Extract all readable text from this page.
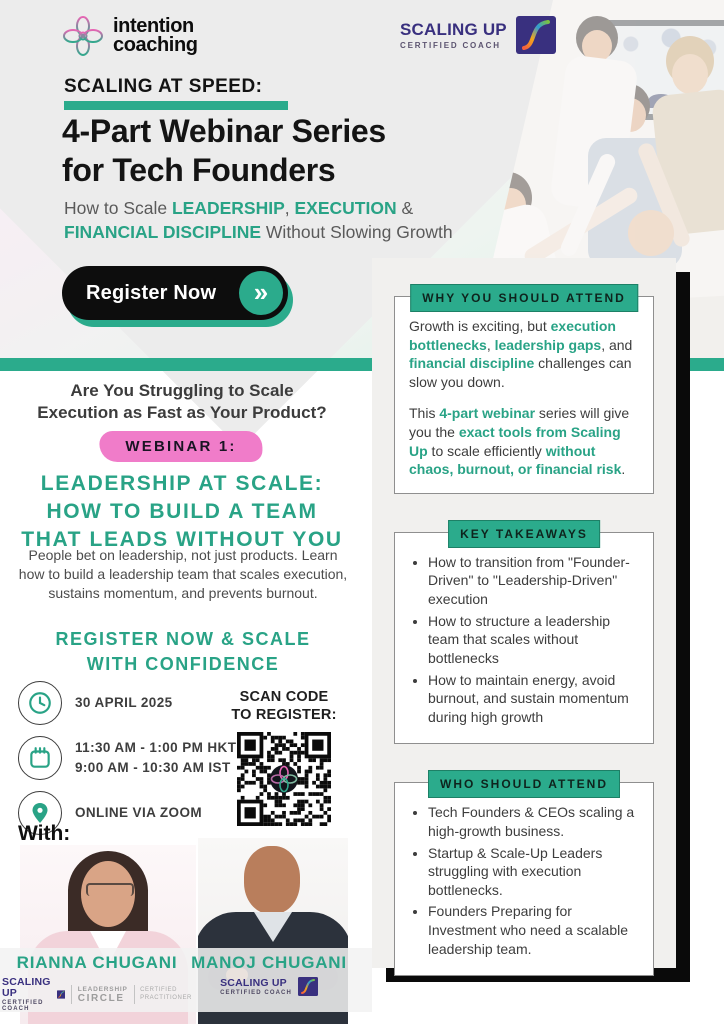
intention
coaching
SCALING UP
CERTIFIED COACH
SCALING AT SPEED:
4-Part Webinar Series
for Tech Founders
How to Scale LEADERSHIP, EXECUTION & FINANCIAL DISCIPLINE Without Slowing Growth
Register Now	»
Are You Struggling to Scale
Execution as Fast as Your Product?
WEBINAR 1:
LEADERSHIP AT SCALE:
HOW TO BUILD A TEAM
THAT LEADS WITHOUT YOU
People bet on leadership, not just products. Learn how to build a leadership team that scales execution, sustains momentum, and prevents burnout.
REGISTER NOW & SCALE
WITH CONFIDENCE
30 APRIL 2025
11:30 AM - 1:00 PM HKT
9:00 AM - 10:30 AM IST
ONLINE VIA ZOOM
SCAN CODE
TO REGISTER:
With:
RIANNA CHUGANI
SCALING UP
CERTIFIED COACH
LEADERSHIP
CIRCLE
CERTIFIED
PRACTITIONER
MANOJ CHUGANI
SCALING UP
CERTIFIED COACH
WHY YOU SHOULD ATTEND

Growth is exciting, but execution bottlenecks, leadership gaps, and financial discipline challenges can slow you down.

This 4-part webinar series will give you the exact tools from Scaling Up to scale efficiently without chaos, burnout, or financial risk.

KEY TAKEAWAYS
• How to transition from "Founder-Driven" to "Leadership-Driven" execution
• How to structure a leadership team that scales without bottlenecks
• How to maintain energy, avoid burnout, and sustain momentum during high growth
WHO SHOULD ATTEND
• Tech Founders & CEOs scaling a high-growth business.
• Startup & Scale-Up Leaders struggling with execution bottlenecks.
• Founders Preparing for Investment who need a scalable leadership team.
